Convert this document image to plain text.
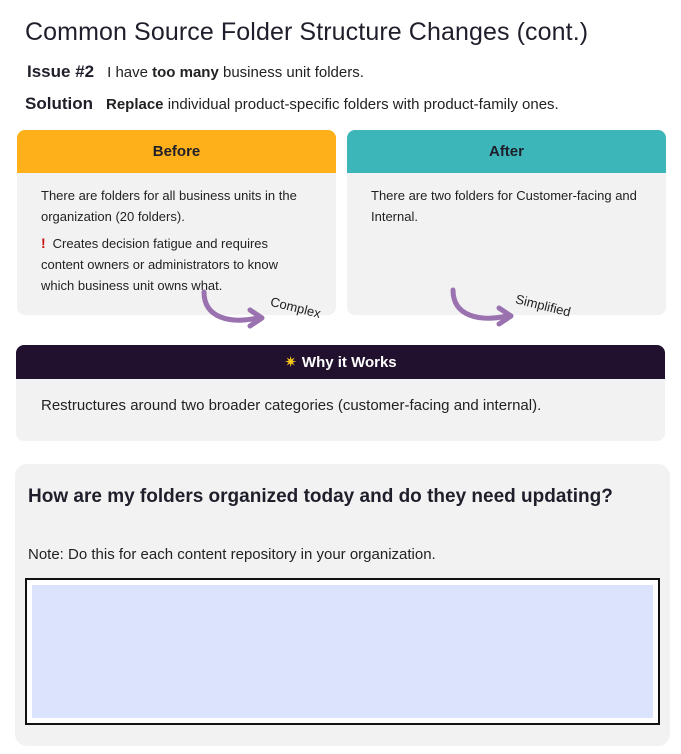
Common Source Folder Structure Changes (cont.)
Issue #2 I have too many business unit folders.
Solution Replace individual product-specific folders with product-family ones.
Before

There are folders for all business units in the organization (20 folders).

! Creates decision fatigue and requires content owners or administrators to know which business unit owns what.

Complex
After

There are two folders for Customer-facing and Internal.

Simplified
✷ Why it Works
Restructures around two broader categories (customer-facing and internal).
How are my folders organized today and do they need updating?
Note: Do this for each content repository in your organization.
